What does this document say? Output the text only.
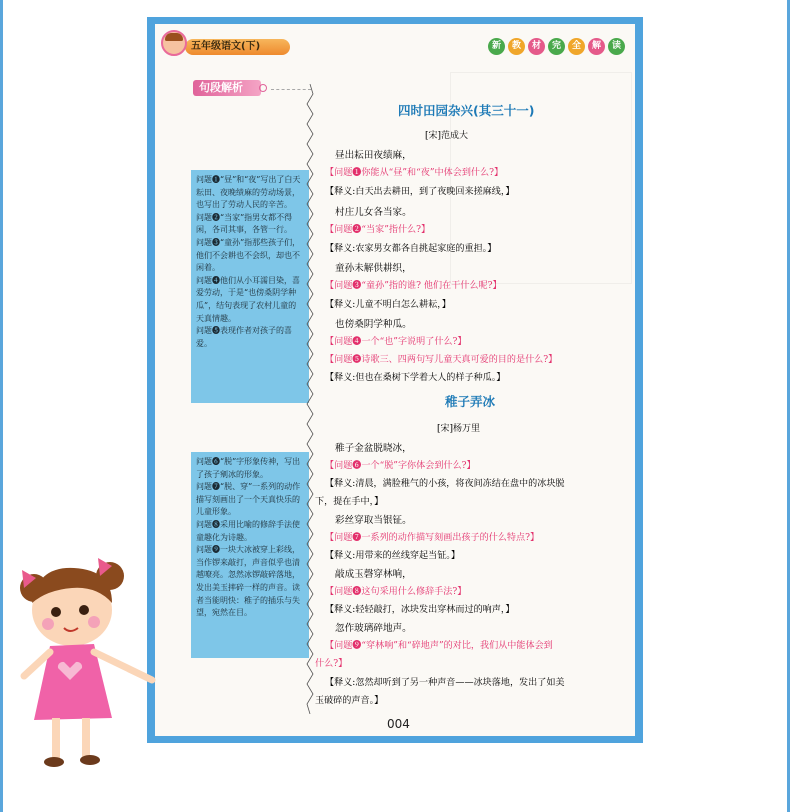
五年级语文(下)	新	教	材	完	全	解	读
句段解析

问题❶“昼”和“夜”写出了白天耘田、夜晚绩麻的劳动场景，也写出了劳动人民的辛苦。

问题❷“当家”指男女都不得闲，各司其事，各管一行。

问题❸“童孙”指那些孩子们，他们不会耕也不会织，却也不闲着。

问题❹他们从小耳濡目染，喜爱劳动，于是“也傍桑阴学种瓜”，结句表现了农村儿童的天真情趣。

问题❺表现作者对孩子的喜爱。

问题❻“脱”字形象传神，写出了孩子剜冰的形象。

问题❼“脱、穿”一系列的动作描写刻画出了一个天真快乐的儿童形象。

问题❽采用比喻的修辞手法使童趣化为诗趣。

问题❾一块大冰被穿上彩线，当作锣来敲打，声音似乎也清越嘹亮。忽然冰锣敲碎落地，发出美玉摔碎一样的声音。读者当能明快：稚子的插乐与失望，宛然在目。

四时田园杂兴(其三十一)
[宋]范成大
昼出耘田夜绩麻，
【问题❶你能从“昼”和“夜”中体会到什么?】
【释义:白天出去耕田，到了夜晚回来搓麻线，】
村庄儿女各当家。
【问题❷“当家”指什么?】
【释义:农家男女都各自挑起家庭的重担。】
童孙未解供耕织，
【问题❸“童孙”指的谁? 他们在干什么呢?】
【释义:儿童不明白怎么耕耘，】
也傍桑阴学种瓜。
【问题❹一个“也”字说明了什么?】
【问题❺诗歌三、四两句写儿童天真可爱的目的是什么?】
【释义:但也在桑树下学着大人的样子种瓜。】
稚子弄冰
[宋]杨万里
稚子金盆脱晓冰，
【问题❻一个“脱”字你体会到什么?】
【释义:清晨，满脸稚气的小孩，将夜间冻结在盘中的冰块脱
下，提在手中，】
彩丝穿取当银钲。
【问题❼一系列的动作描写刻画出孩子的什么特点?】
【释义:用带来的丝线穿起当钲。】
敲成玉磬穿林响，
【问题❽这句采用什么修辞手法?】
【释义:轻轻敲打，冰块发出穿林而过的响声，】
忽作玻璃碎地声。
【问题❾“穿林响”和“碎地声”的对比，我们从中能体会到
什么?】
【释义:忽然却听到了另一种声音——冰块落地，发出了如美
玉破碎的声音。】
004
